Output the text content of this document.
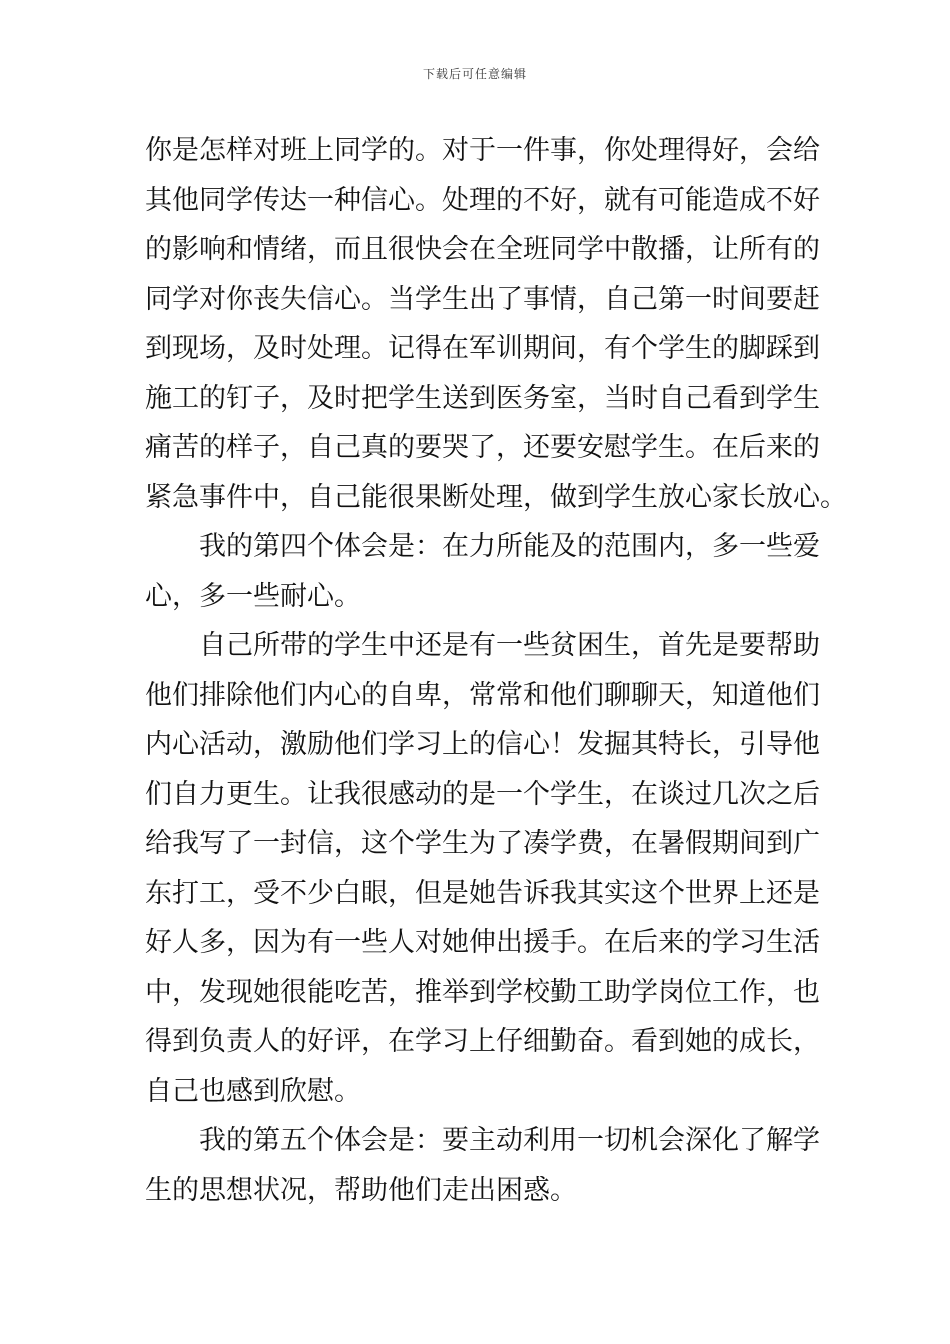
下载后可任意编辑
你是怎样对班上同学的。对于一件事，你处理得好，会给
其他同学传达一种信心。处理的不好，就有可能造成不好
的影响和情绪，而且很快会在全班同学中散播，让所有的
同学对你丧失信心。当学生出了事情，自己第一时间要赶
到现场，及时处理。记得在军训期间，有个学生的脚踩到
施工的钉子，及时把学生送到医务室，当时自己看到学生
痛苦的样子，自己真的要哭了，还要安慰学生。在后来的
紧急事件中，自己能很果断处理，做到学生放心家长放心。
我的第四个体会是：在力所能及的范围内，多一些爱
心，多一些耐心。
自己所带的学生中还是有一些贫困生，首先是要帮助
他们排除他们内心的自卑，常常和他们聊聊天，知道他们
内心活动，激励他们学习上的信心！发掘其特长，引导他
们自力更生。让我很感动的是一个学生，在谈过几次之后
给我写了一封信，这个学生为了凑学费，在暑假期间到广
东打工，受不少白眼，但是她告诉我其实这个世界上还是
好人多，因为有一些人对她伸出援手。在后来的学习生活
中，发现她很能吃苦，推举到学校勤工助学岗位工作，也
得到负责人的好评，在学习上仔细勤奋。看到她的成长，
自己也感到欣慰。
我的第五个体会是：要主动利用一切机会深化了解学
生的思想状况，帮助他们走出困惑。
